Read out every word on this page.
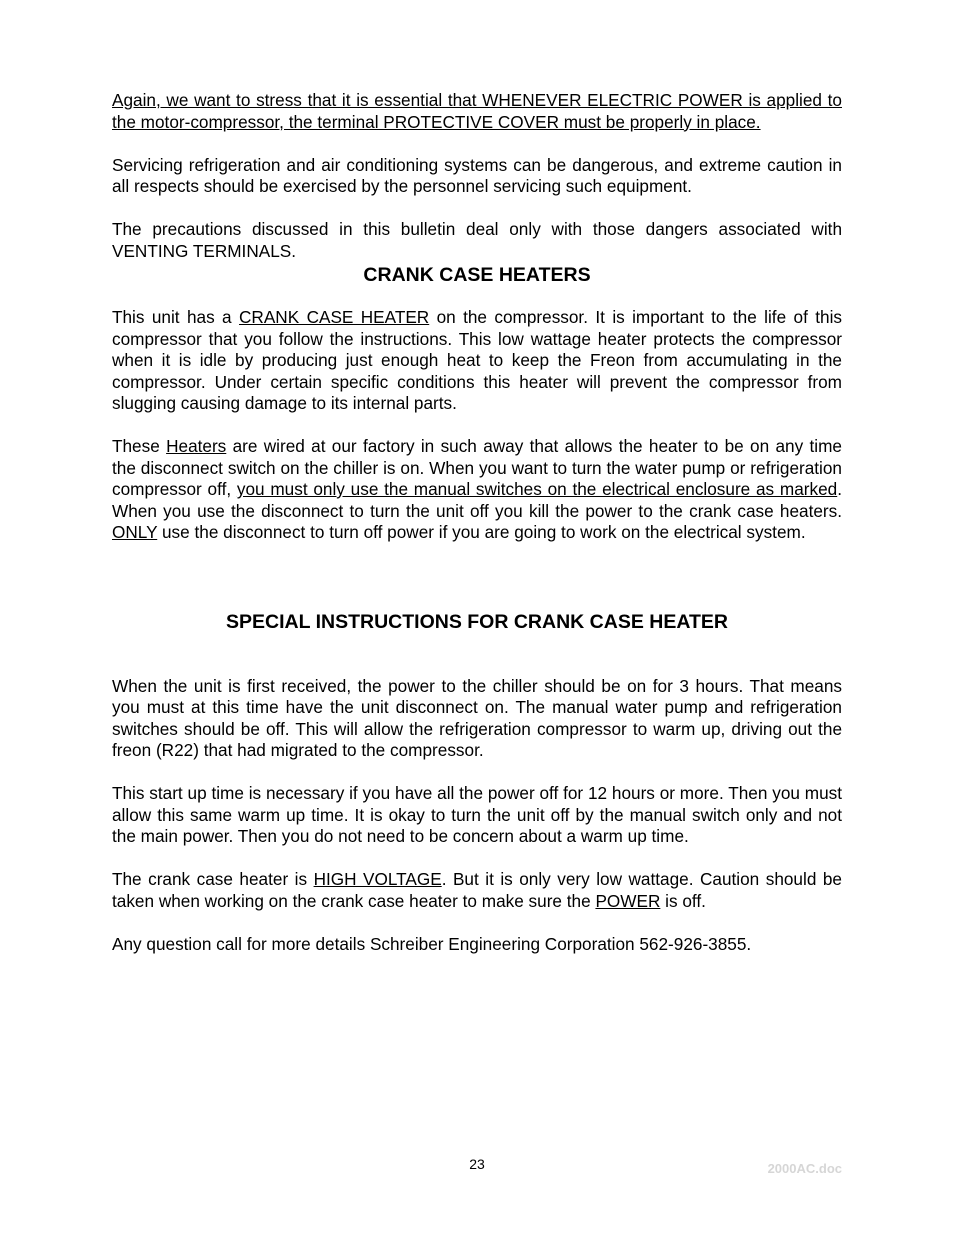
Again, we want to stress that it is essential that WHENEVER ELECTRIC POWER is applied to the motor-compressor, the terminal PROTECTIVE COVER must be properly in place.

Servicing refrigeration and air conditioning systems can be dangerous, and extreme caution in all respects should be exercised by the personnel servicing such equipment.

The precautions discussed in this bulletin deal only with those dangers associated with VENTING TERMINALS.

CRANK CASE HEATERS

This unit has a CRANK CASE HEATER on the compressor. It is important to the life of this compressor that you follow the instructions. This low wattage heater protects the compressor when it is idle by producing just enough heat to keep the Freon from accumulating in the compressor. Under certain specific conditions this heater will prevent the compressor from slugging causing damage to its internal parts.

These Heaters are wired at our factory in such away that allows the heater to be on any time the disconnect switch on the chiller is on. When you want to turn the water pump or refrigeration compressor off, you must only use the manual switches on the electrical enclosure as marked. When you use the disconnect to turn the unit off you kill the power to the crank case heaters. ONLY use the disconnect to turn off power if you are going to work on the electrical system.

SPECIAL INSTRUCTIONS FOR CRANK CASE HEATER

When the unit is first received, the power to the chiller should be on for 3 hours. That means you must at this time have the unit disconnect on. The manual water pump and refrigeration switches should be off. This will allow the refrigeration compressor to warm up, driving out the freon (R22) that had migrated to the compressor.

This start up time is necessary if you have all the power off for 12 hours or more. Then you must allow this same warm up time. It is okay to turn the unit off by the manual switch only and not the main power. Then you do not need to be concern about a warm up time.

The crank case heater is HIGH VOLTAGE. But it is only very low wattage. Caution should be taken when working on the crank case heater to make sure the POWER is off.

Any question call for more details Schreiber Engineering Corporation 562-926-3855.

23	2000AC.doc
